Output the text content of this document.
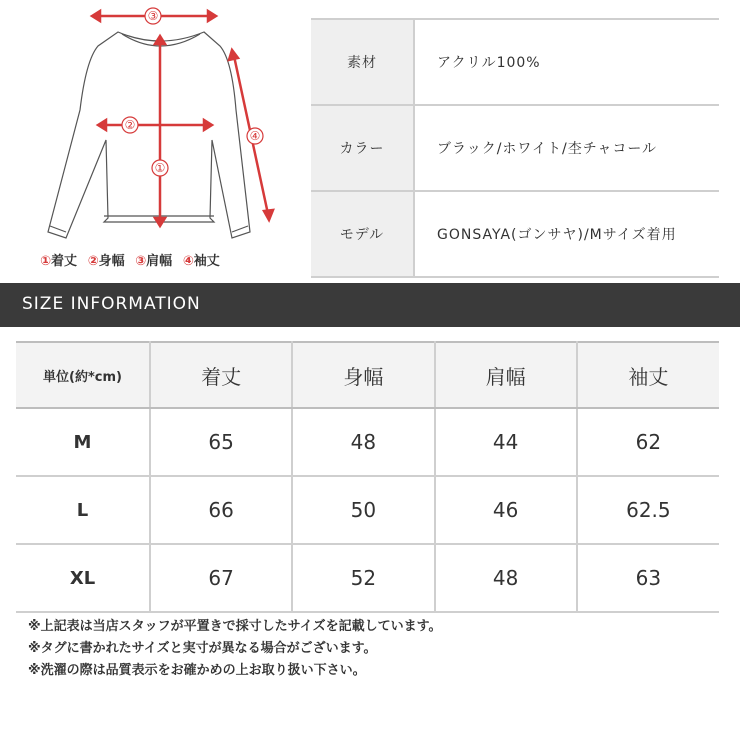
③
②
①
④
①着丈 ②身幅 ③肩幅 ④袖丈
素材	アクリル100%
カラー	ブラック/ホワイト/杢チャコール
モデル	GONSAYA(ゴンサヤ)/Mサイズ着用
SIZE INFORMATION
単位(約*cm)	着丈	身幅	肩幅	袖丈
M	65	48	44	62
L	66	50	46	62.5
XL	67	52	48	63
※上記表は当店スタッフが平置きで採寸したサイズを記載しています。
※タグに書かれたサイズと実寸が異なる場合がございます。
※洗濯の際は品質表示をお確かめの上お取り扱い下さい。
